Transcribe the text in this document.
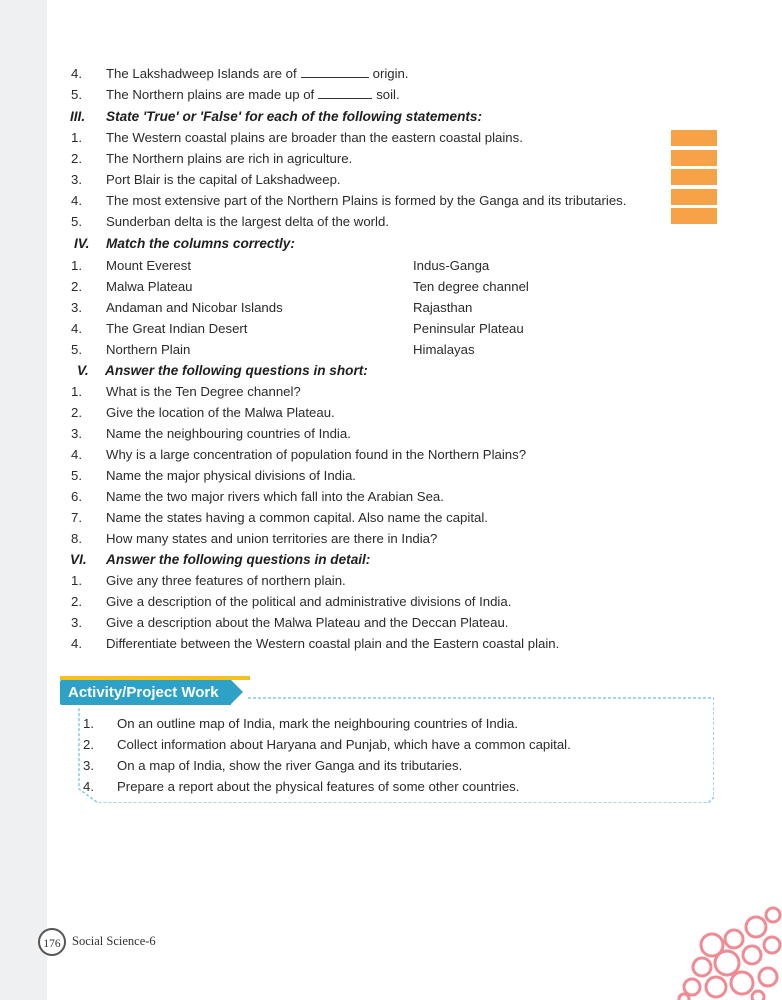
4. The Lakshadweep Islands are of	origin.
5. The Northern plains are made up of	soil.
III.	State 'True' or 'False' for each of the following statements:
1. The Western coastal plains are broader than the eastern coastal plains.
2. The Northern plains are rich in agriculture.
3. Port Blair is the capital of Lakshadweep.
4. The most extensive part of the Northern Plains is formed by the Ganga and its tributaries.
5. Sunderban delta is the largest delta of the world.
IV.	Match the columns correctly:
1. Mount Everest	Indus-Ganga
2. Malwa Plateau	Ten degree channel
3. Andaman and Nicobar Islands	Rajasthan
4. The Great Indian Desert	Peninsular Plateau
5. Northern Plain	Himalayas
V.	Answer the following questions in short:
1. What is the Ten Degree channel?
2. Give the location of the Malwa Plateau.
3. Name the neighbouring countries of India.
4. Why is a large concentration of population found in the Northern Plains?
5. Name the major physical divisions of India.
6. Name the two major rivers which fall into the Arabian Sea.
7. Name the states having a common capital. Also name the capital.
8. How many states and union territories are there in India?
VI.	Answer the following questions in detail:
1. Give any three features of northern plain.
2. Give a description of the political and administrative divisions of India.
3. Give a description about the Malwa Plateau and the Deccan Plateau.
4. Differentiate between the Western coastal plain and the Eastern coastal plain.
Activity/Project Work
1. On an outline map of India, mark the neighbouring countries of India.
2. Collect information about Haryana and Punjab, which have a common capital.
3. On a map of India, show the river Ganga and its tributaries.
4. Prepare a report about the physical features of some other countries.
176 Social Science-6
